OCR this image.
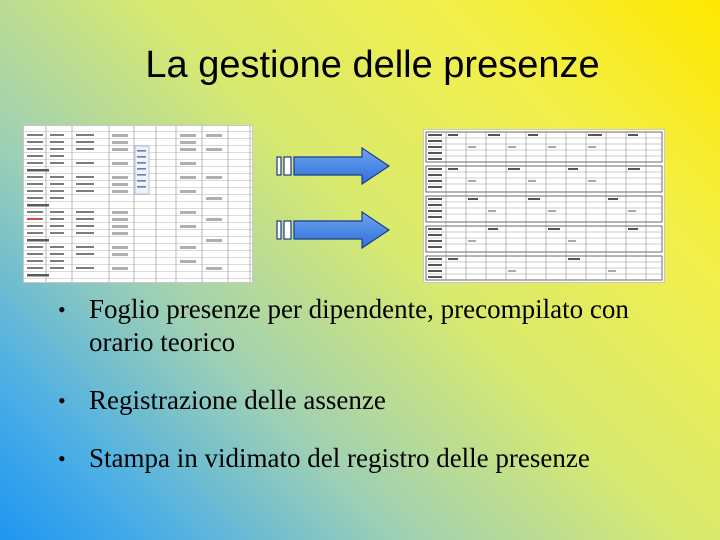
La gestione delle presenze
• Foglio presenze per dipendente, precompilato con orario teorico
• Registrazione delle assenze
• Stampa in vidimato del registro delle presenze
